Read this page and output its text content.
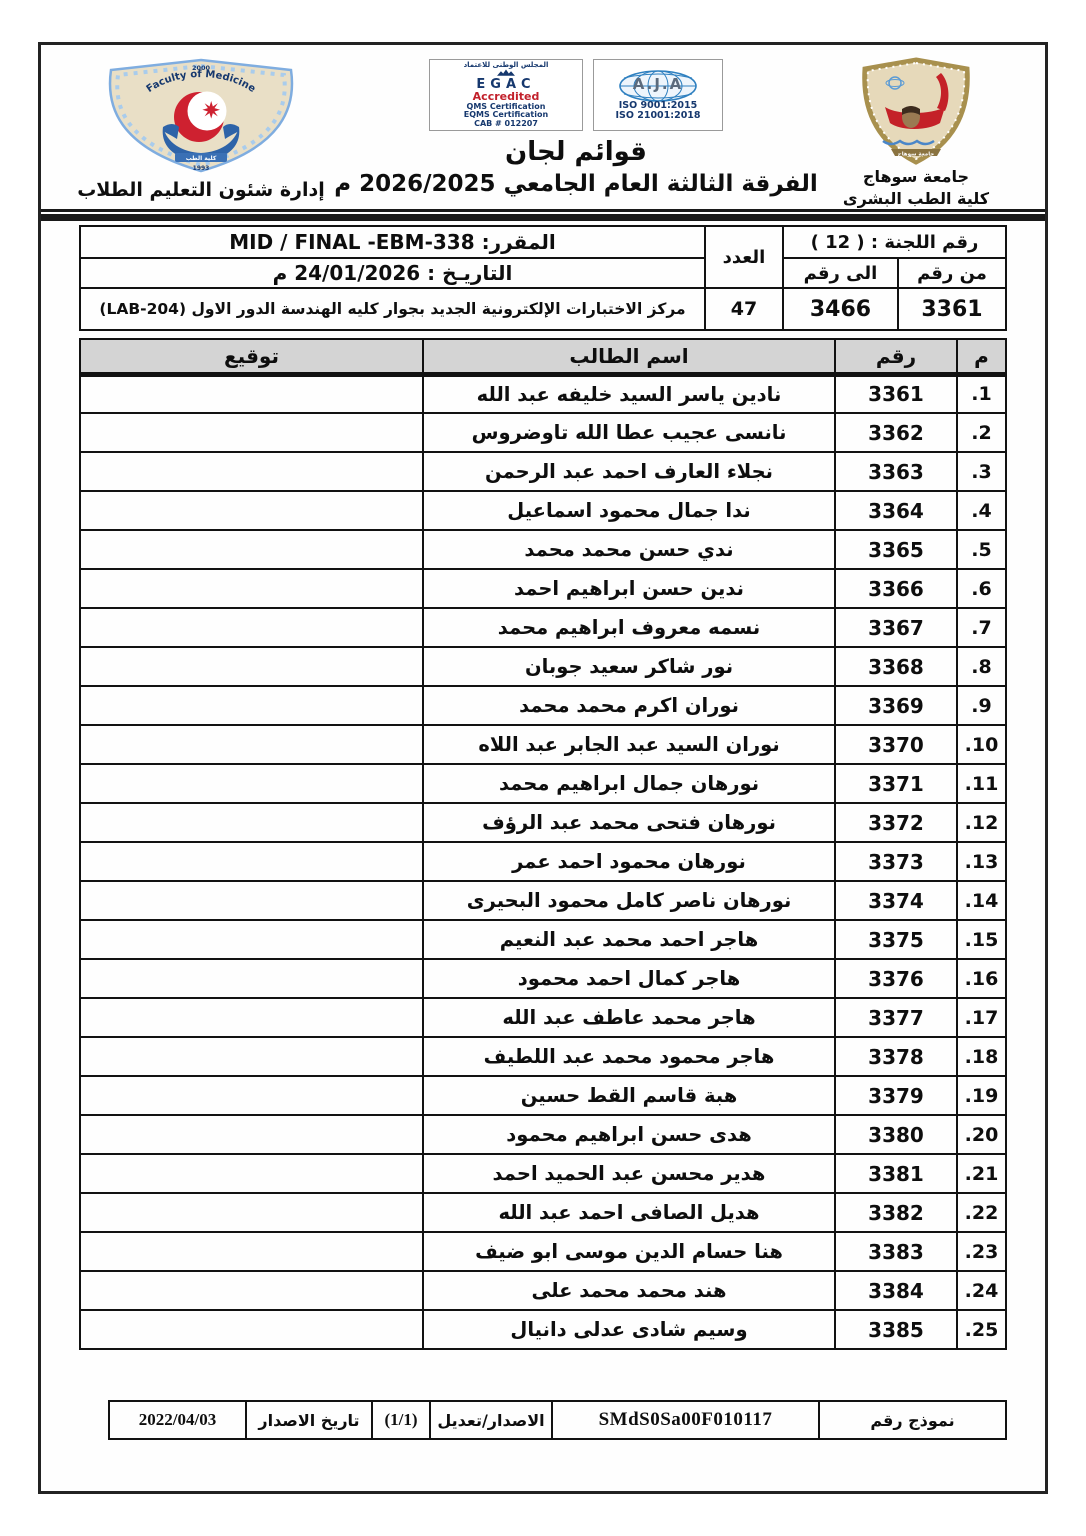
2000
Faculty of Medicine
كلية الطب
1993
إدارة شئون التعليم الطلاب
المجلس الوطنى للاعتماد
EGAC
Accredited
QMS Certification
EQMS Certification
CAB # 012207
A.J.A
ISO 9001:2015
ISO 21001:2018
قوائم لجان
الفرقة الثالثة العام الجامعي 2026/2025 م
جامعة سوهاج
جامعة سوهاج
كلية الطب البشرى
رقم اللجنة : ( 12 )		العدد	المقرر: MID / FINAL -EBM-338
من رقم	الى رقم		التاريـخ : 24/01/2026 م
3361	3466	47	مركز الاختبارات الإلكترونية الجديد بجوار كليه الهندسة الدور الاول (LAB-204)
م	رقم	اسم الطالب	توقيع
1.	3361	نادين ياسر السيد خليفه عبد الله	
2.	3362	نانسى عجيب عطا الله تاوضروس	
3.	3363	نجلاء العارف احمد عبد الرحمن	
4.	3364	ندا جمال محمود اسماعيل	
5.	3365	ندي حسن محمد محمد	
6.	3366	ندين حسن ابراهيم احمد	
7.	3367	نسمه معروف ابراهيم محمد	
8.	3368	نور شاكر سعيد جوبان	
9.	3369	نوران اكرم محمد محمد	
10.	3370	نوران السيد عبد الجابر عبد اللاه	
11.	3371	نورهان جمال ابراهيم محمد	
12.	3372	نورهان فتحى محمد عبد الرؤف	
13.	3373	نورهان محمود احمد عمر	
14.	3374	نورهان ناصر كامل محمود البحيرى	
15.	3375	هاجر احمد محمد عبد النعيم	
16.	3376	هاجر كمال احمد محمود	
17.	3377	هاجر محمد عاطف عبد الله	
18.	3378	هاجر محمود محمد عبد اللطيف	
19.	3379	هبة قاسم القط حسين	
20.	3380	هدى حسن ابراهيم محمود	
21.	3381	هدير محسن عبد الحميد احمد	
22.	3382	هديل الصافى احمد عبد الله	
23.	3383	هنا حسام الدين موسى ابو ضيف	
24.	3384	هند محمد محمد على	
25.	3385	وسيم شادى عدلى دانيال	
نموذج رقم	SMdS0Sa00F010117	الاصدار/تعديل	(1/1)	تاريخ الاصدار	2022/04/03
